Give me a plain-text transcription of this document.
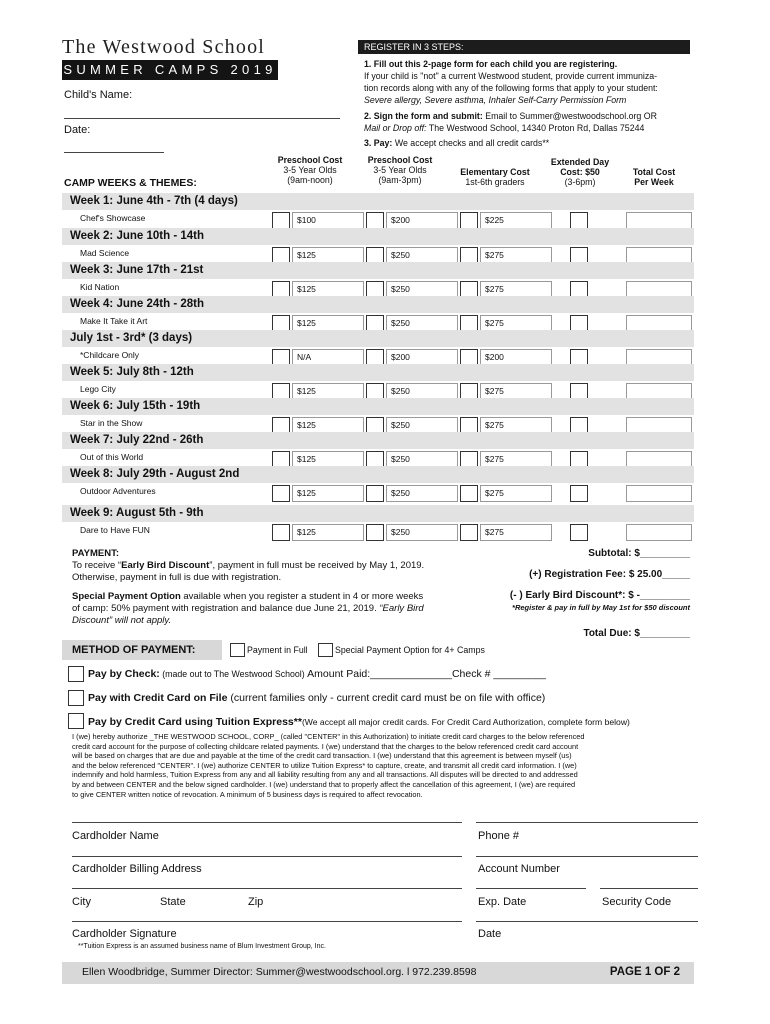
The Westwood School
SUMMER CAMPS 2019
Child's Name:
Date:
REGISTER IN 3 STEPS:
1. Fill out this 2-page form for each child you are registering.
If your child is "not" a current Westwood student, provide current immuniza-
tion records along with any of the following forms that apply to your student:
Severe allergy, Severe asthma, Inhaler Self-Carry Permission Form
2. Sign the form and submit: Email to Summer@westwoodschool.org OR
Mail or Drop off: The Westwood School, 14340 Proton Rd, Dallas 75244
3. Pay: We accept checks and all credit cards**
CAMP WEEKS & THEMES:
Preschool Cost
3-5 Year Olds
(9am-noon)
Preschool Cost
3-5 Year Olds
(9am-3pm)
Elementary Cost
1st-6th graders
Extended Day
Cost: $50
(3-6pm)
Total Cost
Per Week
Week 1: June 4th - 7th (4 days)
Chef's Showcase	$100	$200	$225
Week 2: June 10th - 14th
Mad Science	$125	$250	$275
Week 3: June 17th - 21st
Kid Nation	$125	$250	$275
Week 4: June 24th - 28th
Make It Take it Art	$125	$250	$275
July 1st - 3rd* (3 days)
*Childcare Only	N/A	$200	$200
Week 5: July 8th - 12th
Lego City	$125	$250	$275
Week 6: July 15th - 19th
Star in the Show	$125	$250	$275
Week 7: July 22nd - 26th
Out of this World	$125	$250	$275
Week 8: July 29th - August 2nd
Outdoor Adventures	$125	$250	$275
Week 9: August 5th - 9th
Dare to Have FUN	$125	$250	$275
PAYMENT:
To receive “Early Bird Discount”, payment in full must be received by May 1, 2019.
Otherwise, payment in full is due with registration.
Special Payment Option available when you register a student in 4 or more weeks
of camp: 50% payment with registration and balance due June 21, 2019. “Early Bird
Discount” will not apply.
Subtotal: $_________
(+) Registration Fee: $ 25.00_____
(- ) Early Bird Discount*: $ -_________
*Register & pay in full by May 1st for $50 discount
Total Due: $_________
METHOD OF PAYMENT:	Payment in Full	Special Payment Option for 4+ Camps
Pay by Check: (made out to The Westwood School) Amount Paid:______________Check # _________
Pay with Credit Card on File (current families only - current credit card must be on file with office)
Pay by Credit Card using Tuition Express**(We accept all major credit cards. For Credit Card Authorization, complete form below)
I (we) hereby authorize _THE WESTWOOD SCHOOL, CORP_ (called "CENTER" in this Authorization) to initiate credit card charges to the below referenced
credit card account for the purpose of collecting childcare related payments. I (we) understand that the charges to the below referenced credit card account
will be based on charges that are due and payable at the time of the credit card transaction. I (we) understand that this agreement is between myself (us)
and the below referenced "CENTER". I (we) authorize CENTER to utilize Tuition Express* to capture, create, and transmit all credit card information. I (we)
indemnify and hold harmless, Tuition Express from any and all liability resulting from any and all transactions. All disputes will be directed to and addressed
by and between CENTER and the below signed cardholder. I (we) understand that to properly affect the cancellation of this agreement, I (we) are required
to give CENTER written notice of revocation. A minimum of 5 business days is required to affect revocation.
Cardholder Name	Phone #
Cardholder Billing Address	Account Number
City	State	Zip	Exp. Date	Security Code
Cardholder Signature	Date
**Tuition Express is an assumed business name of Blum Investment Group, Inc.
Ellen Woodbridge, Summer Director: Summer@westwoodschool.org. l 972.239.8598	PAGE 1 OF 2
